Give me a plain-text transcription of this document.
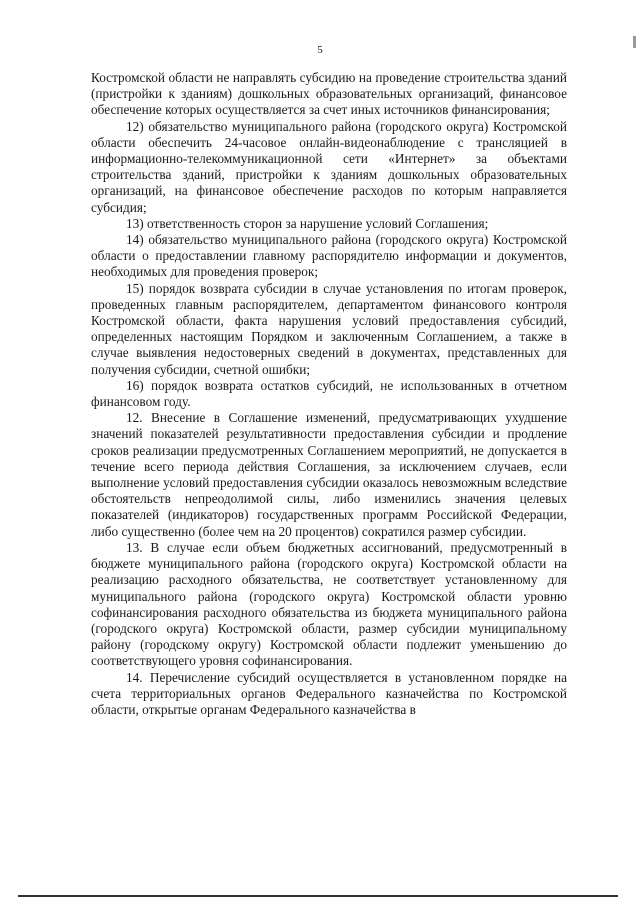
5

Костромской области не направлять субсидию на проведение строительства зданий (пристройки к зданиям) дошкольных образовательных организаций, финансовое обеспечение которых осуществляется за счет иных источников финансирования;

12) обязательство муниципального района (городского округа) Костромской области обеспечить 24-часовое онлайн-видеонаблюдение с трансляцией в информационно-телекоммуникационной сети «Интернет» за объектами строительства зданий, пристройки к зданиям дошкольных образовательных организаций, на финансовое обеспечение расходов по которым направляется субсидия;

13) ответственность сторон за нарушение условий Соглашения;

14) обязательство муниципального района (городского округа) Костромской области о предоставлении главному распорядителю информации и документов, необходимых для проведения проверок;

15) порядок возврата субсидии в случае установления по итогам проверок, проведенных главным распорядителем, департаментом финансового контроля Костромской области, факта нарушения условий предоставления субсидий, определенных настоящим Порядком и заключенным Соглашением, а также в случае выявления недостоверных сведений в документах, представленных для получения субсидии, счетной ошибки;

16) порядок возврата остатков субсидий, не использованных в отчетном финансовом году.

12. Внесение в Соглашение изменений, предусматривающих ухудшение значений показателей результативности предоставления субсидии и продление сроков реализации предусмотренных Соглашением мероприятий, не допускается в течение всего периода действия Соглашения, за исключением случаев, если выполнение условий предоставления субсидии оказалось невозможным вследствие обстоятельств непреодолимой силы, либо изменились значения целевых показателей (индикаторов) государственных программ Российской Федерации, либо существенно (более чем на 20 процентов) сократился размер субсидии.

13. В случае если объем бюджетных ассигнований, предусмотренный в бюджете муниципального района (городского округа) Костромской области на реализацию расходного обязательства, не соответствует установленному для муниципального района (городского округа) Костромской области уровню софинансирования расходного обязательства из бюджета муниципального района (городского округа) Костромской области, размер субсидии муниципальному району (городскому округу) Костромской области подлежит уменьшению до соответствующего уровня софинансирования.

14. Перечисление субсидий осуществляется в установленном порядке на счета территориальных органов Федерального казначейства по Костромской области, открытые органам Федерального казначейства в
